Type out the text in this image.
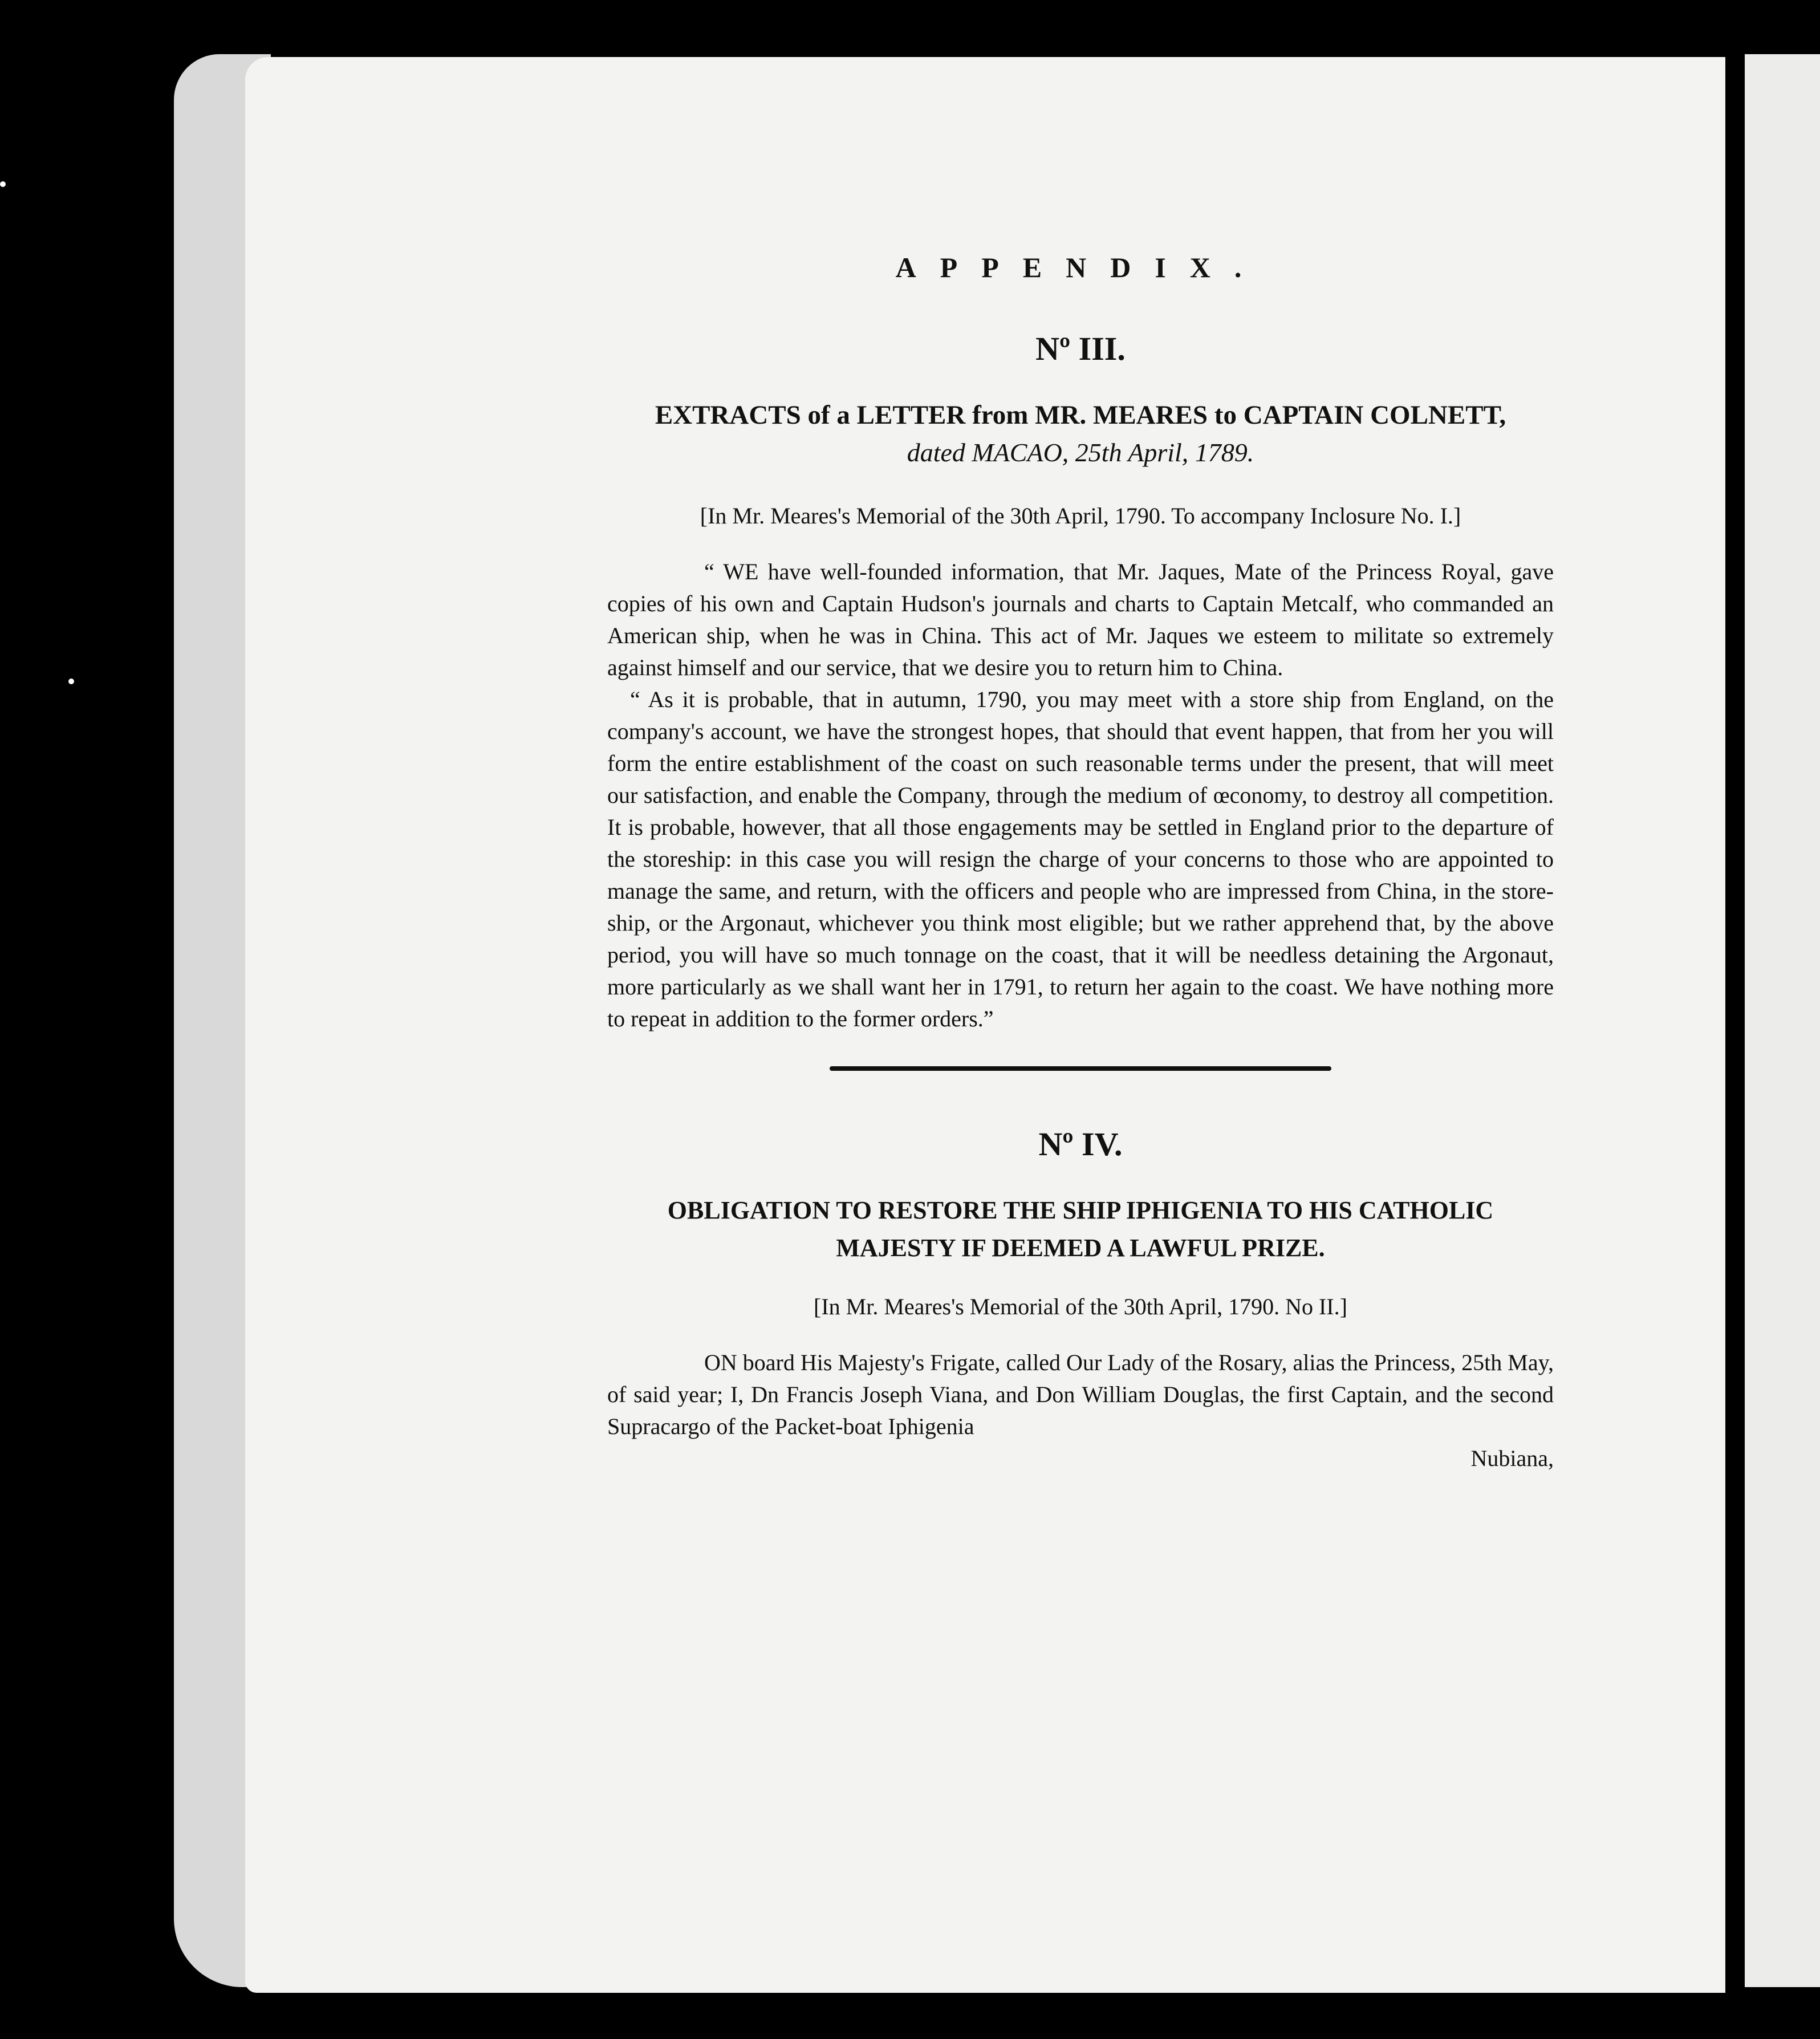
APPENDIX.

Nº III.

EXTRACTS of a LETTER from MR. MEARES to CAPTAIN COLNETT,

dated MACAO, 25th April, 1789.

[In Mr. Meares's Memorial of the 30th April, 1790. To accompany Inclosure No. I.]

“ WE have well-founded information, that Mr. Jaques, Mate of the Princess Royal, gave copies of his own and Captain Hudson's journals and charts to Captain Metcalf, who commanded an American ship, when he was in China. This act of Mr. Jaques we esteem to militate so extremely against himself and our service, that we desire you to return him to China.

“ As it is probable, that in autumn, 1790, you may meet with a store ship from England, on the company's account, we have the strongest hopes, that should that event happen, that from her you will form the entire establishment of the coast on such reasonable terms under the present, that will meet our satisfaction, and enable the Company, through the medium of œconomy, to destroy all competition. It is probable, however, that all those engagements may be settled in England prior to the departure of the storeship: in this case you will resign the charge of your concerns to those who are appointed to manage the same, and return, with the officers and people who are impressed from China, in the store-ship, or the Argonaut, whichever you think most eligible; but we rather apprehend that, by the above period, you will have so much tonnage on the coast, that it will be needless detaining the Argonaut, more particularly as we shall want her in 1791, to return her again to the coast. We have nothing more to repeat in addition to the former orders.”

Nº IV.

OBLIGATION TO RESTORE THE SHIP IPHIGENIA TO HIS CATHOLIC MAJESTY IF DEEMED A LAWFUL PRIZE.

[In Mr. Meares's Memorial of the 30th April, 1790. No II.]

ON board His Majesty's Frigate, called Our Lady of the Rosary, alias the Princess, 25th May, of said year; I, Dn Francis Joseph Viana, and Don William Douglas, the first Captain, and the second Supracargo of the Packet-boat Iphigenia

Nubiana,
